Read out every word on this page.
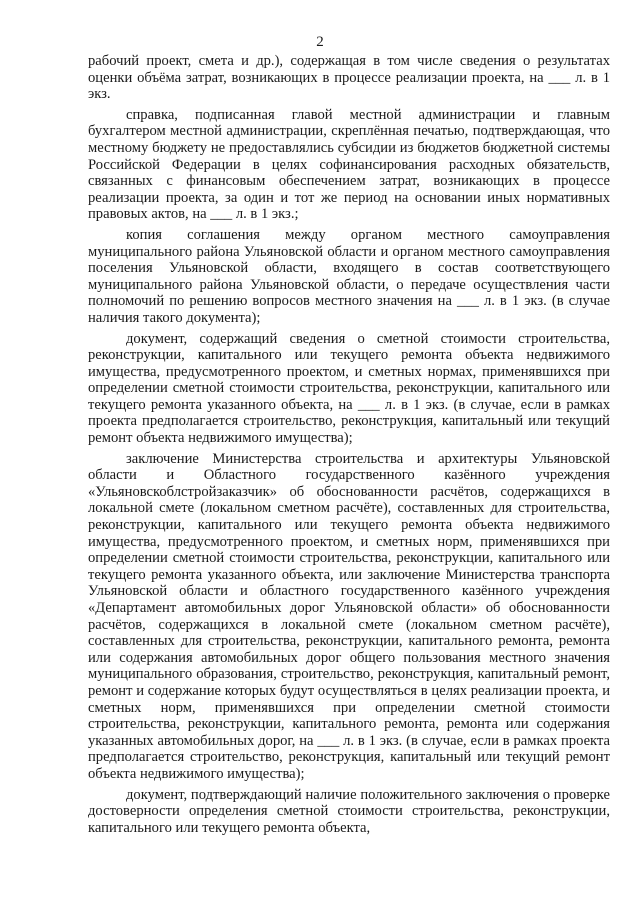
2

рабочий проект, смета и др.), содержащая в том числе сведения о результатах оценки объёма затрат, возникающих в процессе реализации проекта, на ___ л. в 1 экз.

справка, подписанная главой местной администрации и главным бухгалтером местной администрации, скреплённая печатью, подтверждающая, что местному бюджету не предоставлялись субсидии из бюджетов бюджетной системы Российской Федерации в целях софинансирования расходных обязательств, связанных с финансовым обеспечением затрат, возникающих в процессе реализации проекта, за один и тот же период на основании иных нормативных правовых актов, на ___ л. в 1 экз.;

копия соглашения между органом местного самоуправления муниципального района Ульяновской области и органом местного самоуправления поселения Ульяновской области, входящего в состав соответствующего муниципального района Ульяновской области, о передаче осуществления части полномочий по решению вопросов местного значения на ___ л. в 1 экз. (в случае наличия такого документа);

документ, содержащий сведения о сметной стоимости строительства, реконструкции, капитального или текущего ремонта объекта недвижимого имущества, предусмотренного проектом, и сметных нормах, применявшихся при определении сметной стоимости строительства, реконструкции, капитального или текущего ремонта указанного объекта, на ___ л. в 1 экз. (в случае, если в рамках проекта предполагается строительство, реконструкция, капитальный или текущий ремонт объекта недвижимого имущества);

заключение Министерства строительства и архитектуры Ульяновской области и Областного государственного казённого учреждения «Ульяновскоблстройзаказчик» об обоснованности расчётов, содержащихся в локальной смете (локальном сметном расчёте), составленных для строительства, реконструкции, капитального или текущего ремонта объекта недвижимого имущества, предусмотренного проектом, и сметных норм, применявшихся при определении сметной стоимости строительства, реконструкции, капитального или текущего ремонта указанного объекта, или заключение Министерства транспорта Ульяновской области и областного государственного казённого учреждения «Департамент автомобильных дорог Ульяновской области» об обоснованности расчётов, содержащихся в локальной смете (локальном сметном расчёте), составленных для строительства, реконструкции, капитального ремонта, ремонта или содержания автомобильных дорог общего пользования местного значения муниципального образования, строительство, реконструкция, капитальный ремонт, ремонт и содержание которых будут осуществляться в целях реализации проекта, и сметных норм, применявшихся при определении сметной стоимости строительства, реконструкции, капитального ремонта, ремонта или содержания указанных автомобильных дорог, на ___ л. в 1 экз. (в случае, если в рамках проекта предполагается строительство, реконструкция, капитальный или текущий ремонт объекта недвижимого имущества);

документ, подтверждающий наличие положительного заключения о проверке достоверности определения сметной стоимости строительства, реконструкции, капитального или текущего ремонта объекта,
